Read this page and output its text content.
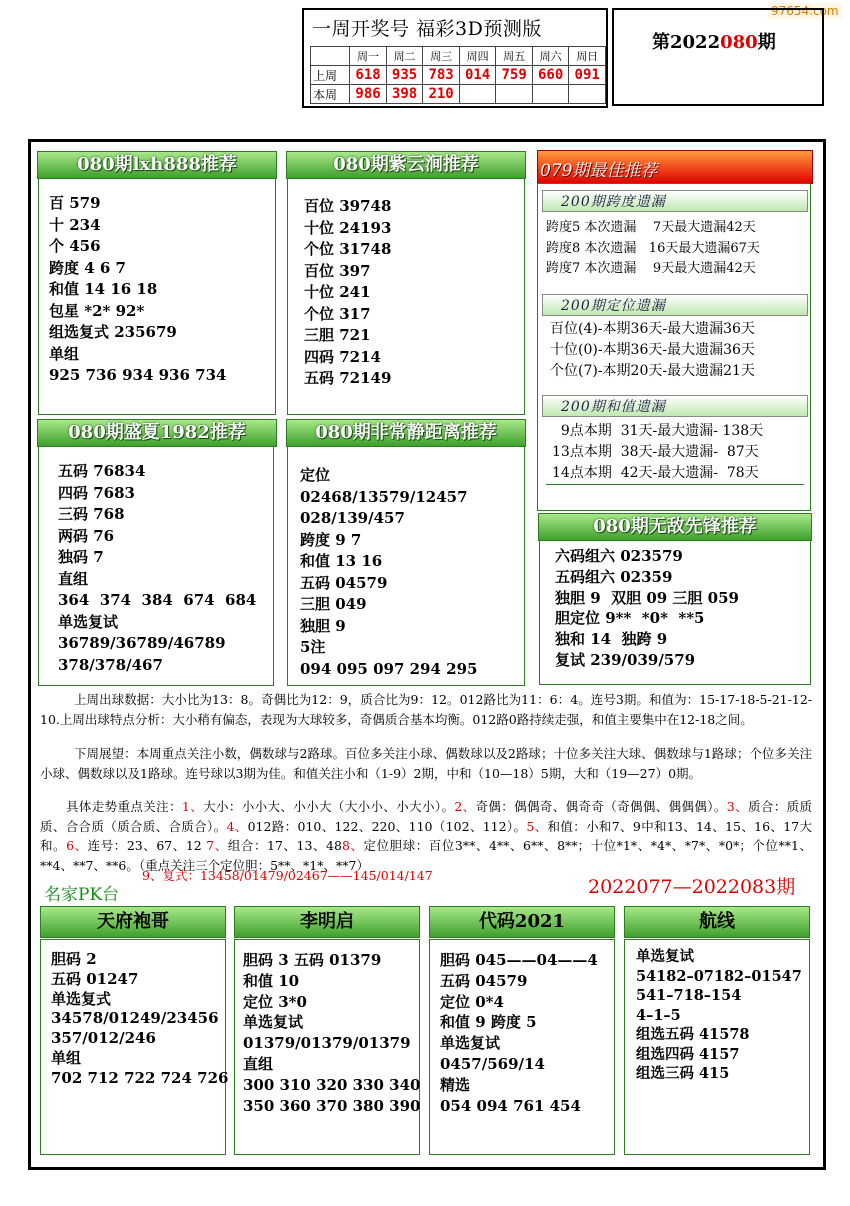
97654.com
一周开奖号 福彩3D预测版
	周一	周二	周三	周四	周五	周六	周日
上周	618	935	783	014	759	660	091
本周	986	398	210				
第2022080期
080期lxh888推荐
百 579
十 234
个 456
跨度 4 6 7
和值 14 16 18
包星 *2* 92*
组选复式 235679
单组
925 736 934 936 734
080期紫云涧推荐
百位 39748
十位 24193
个位 31748
百位 397
十位 241
个位 317
三胆 721
四码 7214
五码 72149
080期盛夏1982推荐
五码 76834
四码 7683
三码 768
两码 76
独码 7
直组
364  374  384  674  684
单选复试
36789/36789/46789
378/378/467
080期非常静距离推荐
定位
02468/13579/12457
028/139/457
跨度 9 7
和值 13 16
五码 04579
三胆 049
独胆 9
5注
094 095 097 294 295
079期最佳推荐
200期跨度遗漏
跨度5 本次遗漏    7天最大遗漏42天
跨度8 本次遗漏   16天最大遗漏67天
跨度7 本次遗漏    9天最大遗漏42天
200期定位遗漏
百位(4)-本期36天-最大遗漏36天
十位(0)-本期36天-最大遗漏36天
个位(7)-本期20天-最大遗漏21天
200期和值遗漏
9点本期  31天-最大遗漏- 138天
13点本期  38天-最大遗漏-  87天
14点本期  42天-最大遗漏-  78天
080期无敌先锋推荐
六码组六 023579
五码组六 02359
独胆 9  双胆 09 三胆 059
胆定位 9**  *0*  **5
独和 14  独跨 9
复试 239/039/579
上周出球数据：大小比为13：8。奇偶比为12：9，质合比为9：12。012路比为11：6：4。连号3期。和值为：15-17-18-5-21-12-10.上周出球特点分析：大小稍有偏态，表现为大球较多，奇偶质合基本均衡。012路0路持续走强，和值主要集中在12-18之间。
下周展望：本周重点关注小数，偶数球与2路球。百位多关注小球、偶数球以及2路球；十位多关注大球、偶数球与1路球；个位多关注小球、偶数球以及1路球。连号球以3期为佳。和值关注小和（1-9）2期，中和（10—18）5期，大和（19—27）0期。
具体走势重点关注：1、大小：小小大、小小大（大小小、小大小）。2、奇偶：偶偶奇、偶奇奇（奇偶偶、偶偶偶）。3、质合：质质质、合合质（质合质、合质合）。4、012路：010、122、220、110（102、112）。5、和值：小和7、9中和13、14、15、16、17大和。6、连号：23、67、12 7、组合：17、13、488、定位胆球：百位3**、4**、6**、8**；十位*1*、*4*、*7*、*0*；个位**1、**4、**7、**6。（重点关注三个定位胆：5**、*1*、**7）
9、复式：13458/01479/02467——145/014/147
名家PK台	2022077—2022083期
天府袍哥
胆码 2
五码 01247
单选复式
34578/01249/23456
357/012/246
单组
702 712 722 724 726
李明启
胆码 3 五码 01379
和值 10
定位 3*0
单选复试
01379/01379/01379
直组
300 310 320 330 340
350 360 370 380 390
代码2021
胆码 045——04——4
五码 04579
定位 0*4
和值 9 跨度 5
单选复试
0457/569/14
精选
054 094 761 454
航线
单选复试
54182–07182–01547
541–718–154
4–1–5
组选五码 41578
组选四码 4157
组选三码 415
